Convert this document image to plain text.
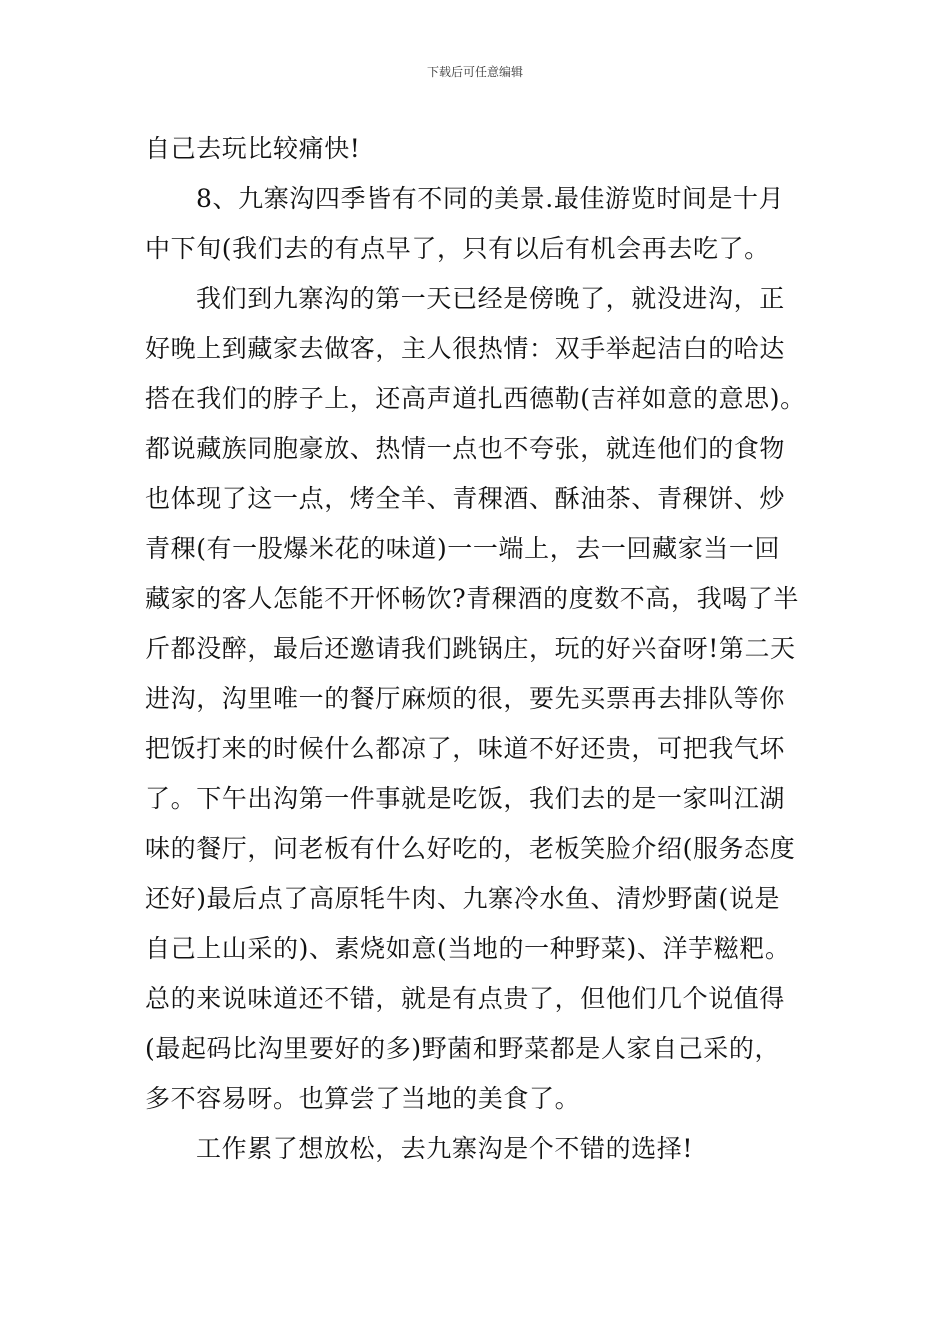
下载后可任意编辑
自己去玩比较痛快!
8、九寨沟四季皆有不同的美景.最佳游览时间是十月
中下旬(我们去的有点早了，只有以后有机会再去吃了。
我们到九寨沟的第一天已经是傍晚了，就没进沟，正
好晚上到藏家去做客，主人很热情：双手举起洁白的哈达
搭在我们的脖子上，还高声道扎西德勒(吉祥如意的意思)。
都说藏族同胞豪放、热情一点也不夸张，就连他们的食物
也体现了这一点，烤全羊、青稞酒、酥油茶、青稞饼、炒
青稞(有一股爆米花的味道)一一端上，去一回藏家当一回
藏家的客人怎能不开怀畅饮?青稞酒的度数不高，我喝了半
斤都没醉，最后还邀请我们跳锅庄，玩的好兴奋呀!第二天
进沟，沟里唯一的餐厅麻烦的很，要先买票再去排队等你
把饭打来的时候什么都凉了，味道不好还贵，可把我气坏
了。下午出沟第一件事就是吃饭，我们去的是一家叫江湖
味的餐厅，问老板有什么好吃的，老板笑脸介绍(服务态度
还好)最后点了高原牦牛肉、九寨冷水鱼、清炒野菌(说是
自己上山采的)、素烧如意(当地的一种野菜)、洋芋糍粑。
总的来说味道还不错，就是有点贵了，但他们几个说值得
(最起码比沟里要好的多)野菌和野菜都是人家自己采的，
多不容易呀。也算尝了当地的美食了。
工作累了想放松，去九寨沟是个不错的选择!
